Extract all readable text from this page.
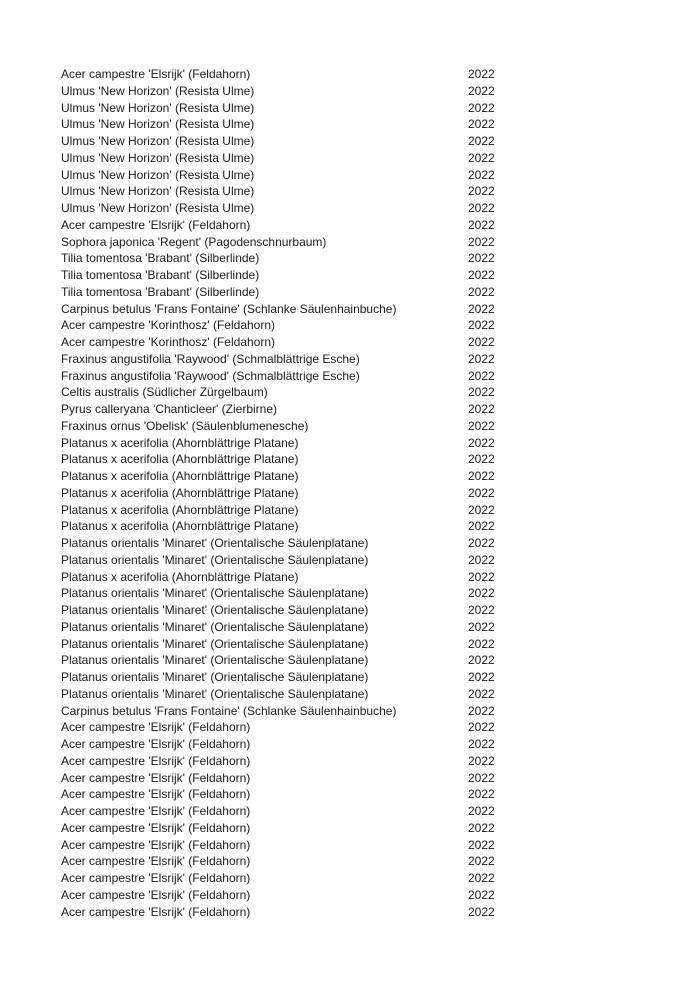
Acer campestre 'Elsrijk' (Feldahorn)	2022
Ulmus 'New Horizon' (Resista Ulme)	2022
Ulmus 'New Horizon' (Resista Ulme)	2022
Ulmus 'New Horizon' (Resista Ulme)	2022
Ulmus 'New Horizon' (Resista Ulme)	2022
Ulmus 'New Horizon' (Resista Ulme)	2022
Ulmus 'New Horizon' (Resista Ulme)	2022
Ulmus 'New Horizon' (Resista Ulme)	2022
Ulmus 'New Horizon' (Resista Ulme)	2022
Acer campestre 'Elsrijk' (Feldahorn)	2022
Sophora japonica 'Regent' (Pagodenschnurbaum)	2022
Tilia tomentosa 'Brabant' (Silberlinde)	2022
Tilia tomentosa 'Brabant' (Silberlinde)	2022
Tilia tomentosa 'Brabant' (Silberlinde)	2022
Carpinus betulus 'Frans Fontaine' (Schlanke Säulenhainbuche)	2022
Acer campestre 'Korinthosz' (Feldahorn)	2022
Acer campestre 'Korinthosz' (Feldahorn)	2022
Fraxinus angustifolia 'Raywood' (Schmalblättrige Esche)	2022
Fraxinus angustifolia 'Raywood' (Schmalblättrige Esche)	2022
Celtis australis (Südlicher Zürgelbaum)	2022
Pyrus calleryana 'Chanticleer' (Zierbirne)	2022
Fraxinus ornus 'Obelisk' (Säulenblumenesche)	2022
Platanus x acerifolia (Ahornblättrige Platane)	2022
Platanus x acerifolia (Ahornblättrige Platane)	2022
Platanus x acerifolia (Ahornblättrige Platane)	2022
Platanus x acerifolia (Ahornblättrige Platane)	2022
Platanus x acerifolia (Ahornblättrige Platane)	2022
Platanus x acerifolia (Ahornblättrige Platane)	2022
Platanus orientalis 'Minaret' (Orientalische Säulenplatane)	2022
Platanus orientalis 'Minaret' (Orientalische Säulenplatane)	2022
Platanus x acerifolia (Ahornblättrige Platane)	2022
Platanus orientalis 'Minaret' (Orientalische Säulenplatane)	2022
Platanus orientalis 'Minaret' (Orientalische Säulenplatane)	2022
Platanus orientalis 'Minaret' (Orientalische Säulenplatane)	2022
Platanus orientalis 'Minaret' (Orientalische Säulenplatane)	2022
Platanus orientalis 'Minaret' (Orientalische Säulenplatane)	2022
Platanus orientalis 'Minaret' (Orientalische Säulenplatane)	2022
Platanus orientalis 'Minaret' (Orientalische Säulenplatane)	2022
Carpinus betulus 'Frans Fontaine' (Schlanke Säulenhainbuche)	2022
Acer campestre 'Elsrijk' (Feldahorn)	2022
Acer campestre 'Elsrijk' (Feldahorn)	2022
Acer campestre 'Elsrijk' (Feldahorn)	2022
Acer campestre 'Elsrijk' (Feldahorn)	2022
Acer campestre 'Elsrijk' (Feldahorn)	2022
Acer campestre 'Elsrijk' (Feldahorn)	2022
Acer campestre 'Elsrijk' (Feldahorn)	2022
Acer campestre 'Elsrijk' (Feldahorn)	2022
Acer campestre 'Elsrijk' (Feldahorn)	2022
Acer campestre 'Elsrijk' (Feldahorn)	2022
Acer campestre 'Elsrijk' (Feldahorn)	2022
Acer campestre 'Elsrijk' (Feldahorn)	2022
